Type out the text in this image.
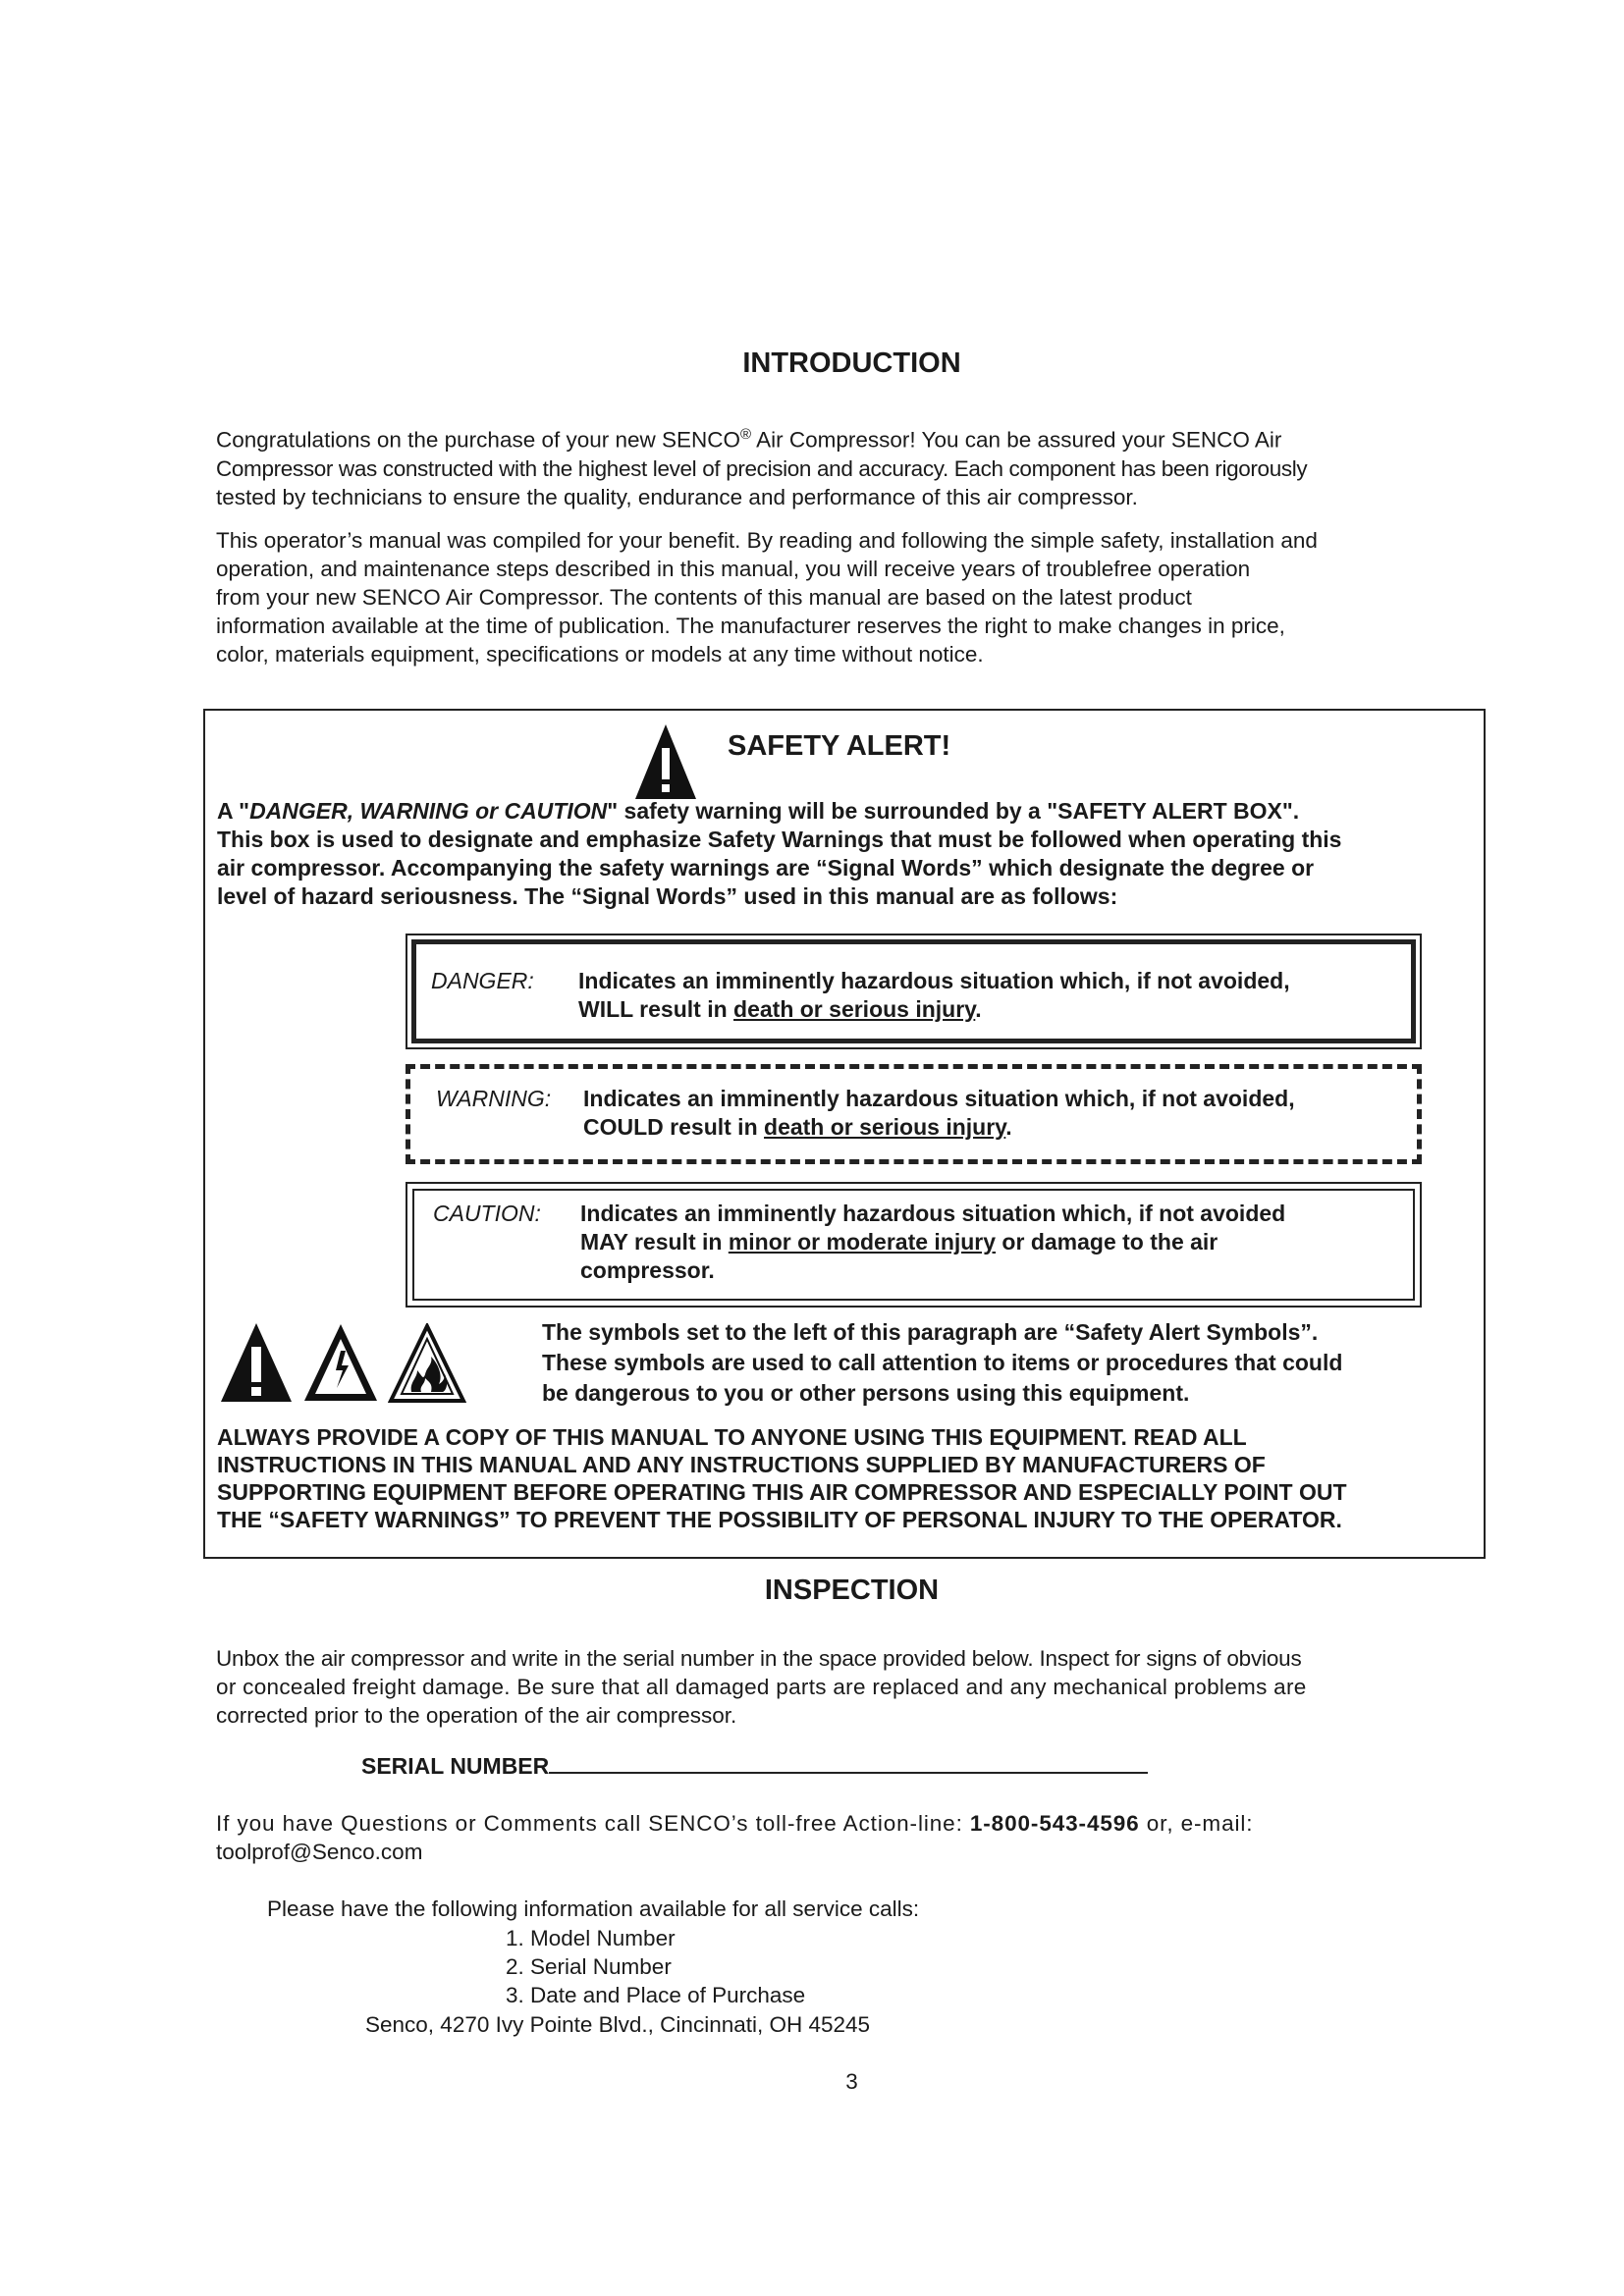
INTRODUCTION

Congratulations on the purchase of your new SENCO® Air Compressor! You can be assured your SENCO Air

Compressor was constructed with the highest level of precision and accuracy. Each component has been rigorously

tested by technicians to ensure the quality, endurance and performance of this air compressor.

This operator’s manual was compiled for your benefit. By reading and following the simple safety, installation and

operation, and maintenance steps described in this manual, you will receive years of troublefree operation

from your new SENCO Air Compressor. The contents of this manual are based on the latest product

information available at the time of publication. The manufacturer reserves the right to make changes in price,

color, materials equipment, specifications or models at any time without notice.

SAFETY ALERT!
A "DANGER, WARNING or CAUTION" safety warning will be surrounded by a "SAFETY ALERT BOX".
This box is used to designate and emphasize Safety Warnings that must be followed when operating this
air compressor. Accompanying the safety warnings are “Signal Words” which designate the degree or
level of hazard seriousness. The “Signal Words” used in this manual are as follows:
DANGER: Indicates an imminently hazardous situation which, if not avoided,
WILL result in death or serious injury.
WARNING: Indicates an imminently hazardous situation which, if not avoided,
COULD result in death or serious injury.
CAUTION: Indicates an imminently hazardous situation which, if not avoided
MAY result in minor or moderate injury or damage to the air
compressor.
The symbols set to the left of this paragraph are “Safety Alert Symbols”.
These symbols are used to call attention to items or procedures that could
be dangerous to you or other persons using this equipment.
ALWAYS PROVIDE A COPY OF THIS MANUAL TO ANYONE USING THIS EQUIPMENT. READ ALL
INSTRUCTIONS IN THIS MANUAL AND ANY INSTRUCTIONS SUPPLIED BY MANUFACTURERS OF
SUPPORTING EQUIPMENT BEFORE OPERATING THIS AIR COMPRESSOR AND ESPECIALLY POINT OUT
THE “SAFETY WARNINGS” TO PREVENT THE POSSIBILITY OF PERSONAL INJURY TO THE OPERATOR.
INSPECTION

Unbox the air compressor and write in the serial number in the space provided below. Inspect for signs of obvious

or concealed freight damage. Be sure that all damaged parts are replaced and any mechanical problems are

corrected prior to the operation of the air compressor.

SERIAL NUMBER

If you have Questions or Comments call SENCO’s toll-free Action-line: 1-800-543-4596 or, e-mail:

toolprof@Senco.com

Please have the following information available for all service calls:

1. Model Number

2. Serial Number

3. Date and Place of Purchase

Senco, 4270 Ivy Pointe Blvd., Cincinnati, OH 45245
3
